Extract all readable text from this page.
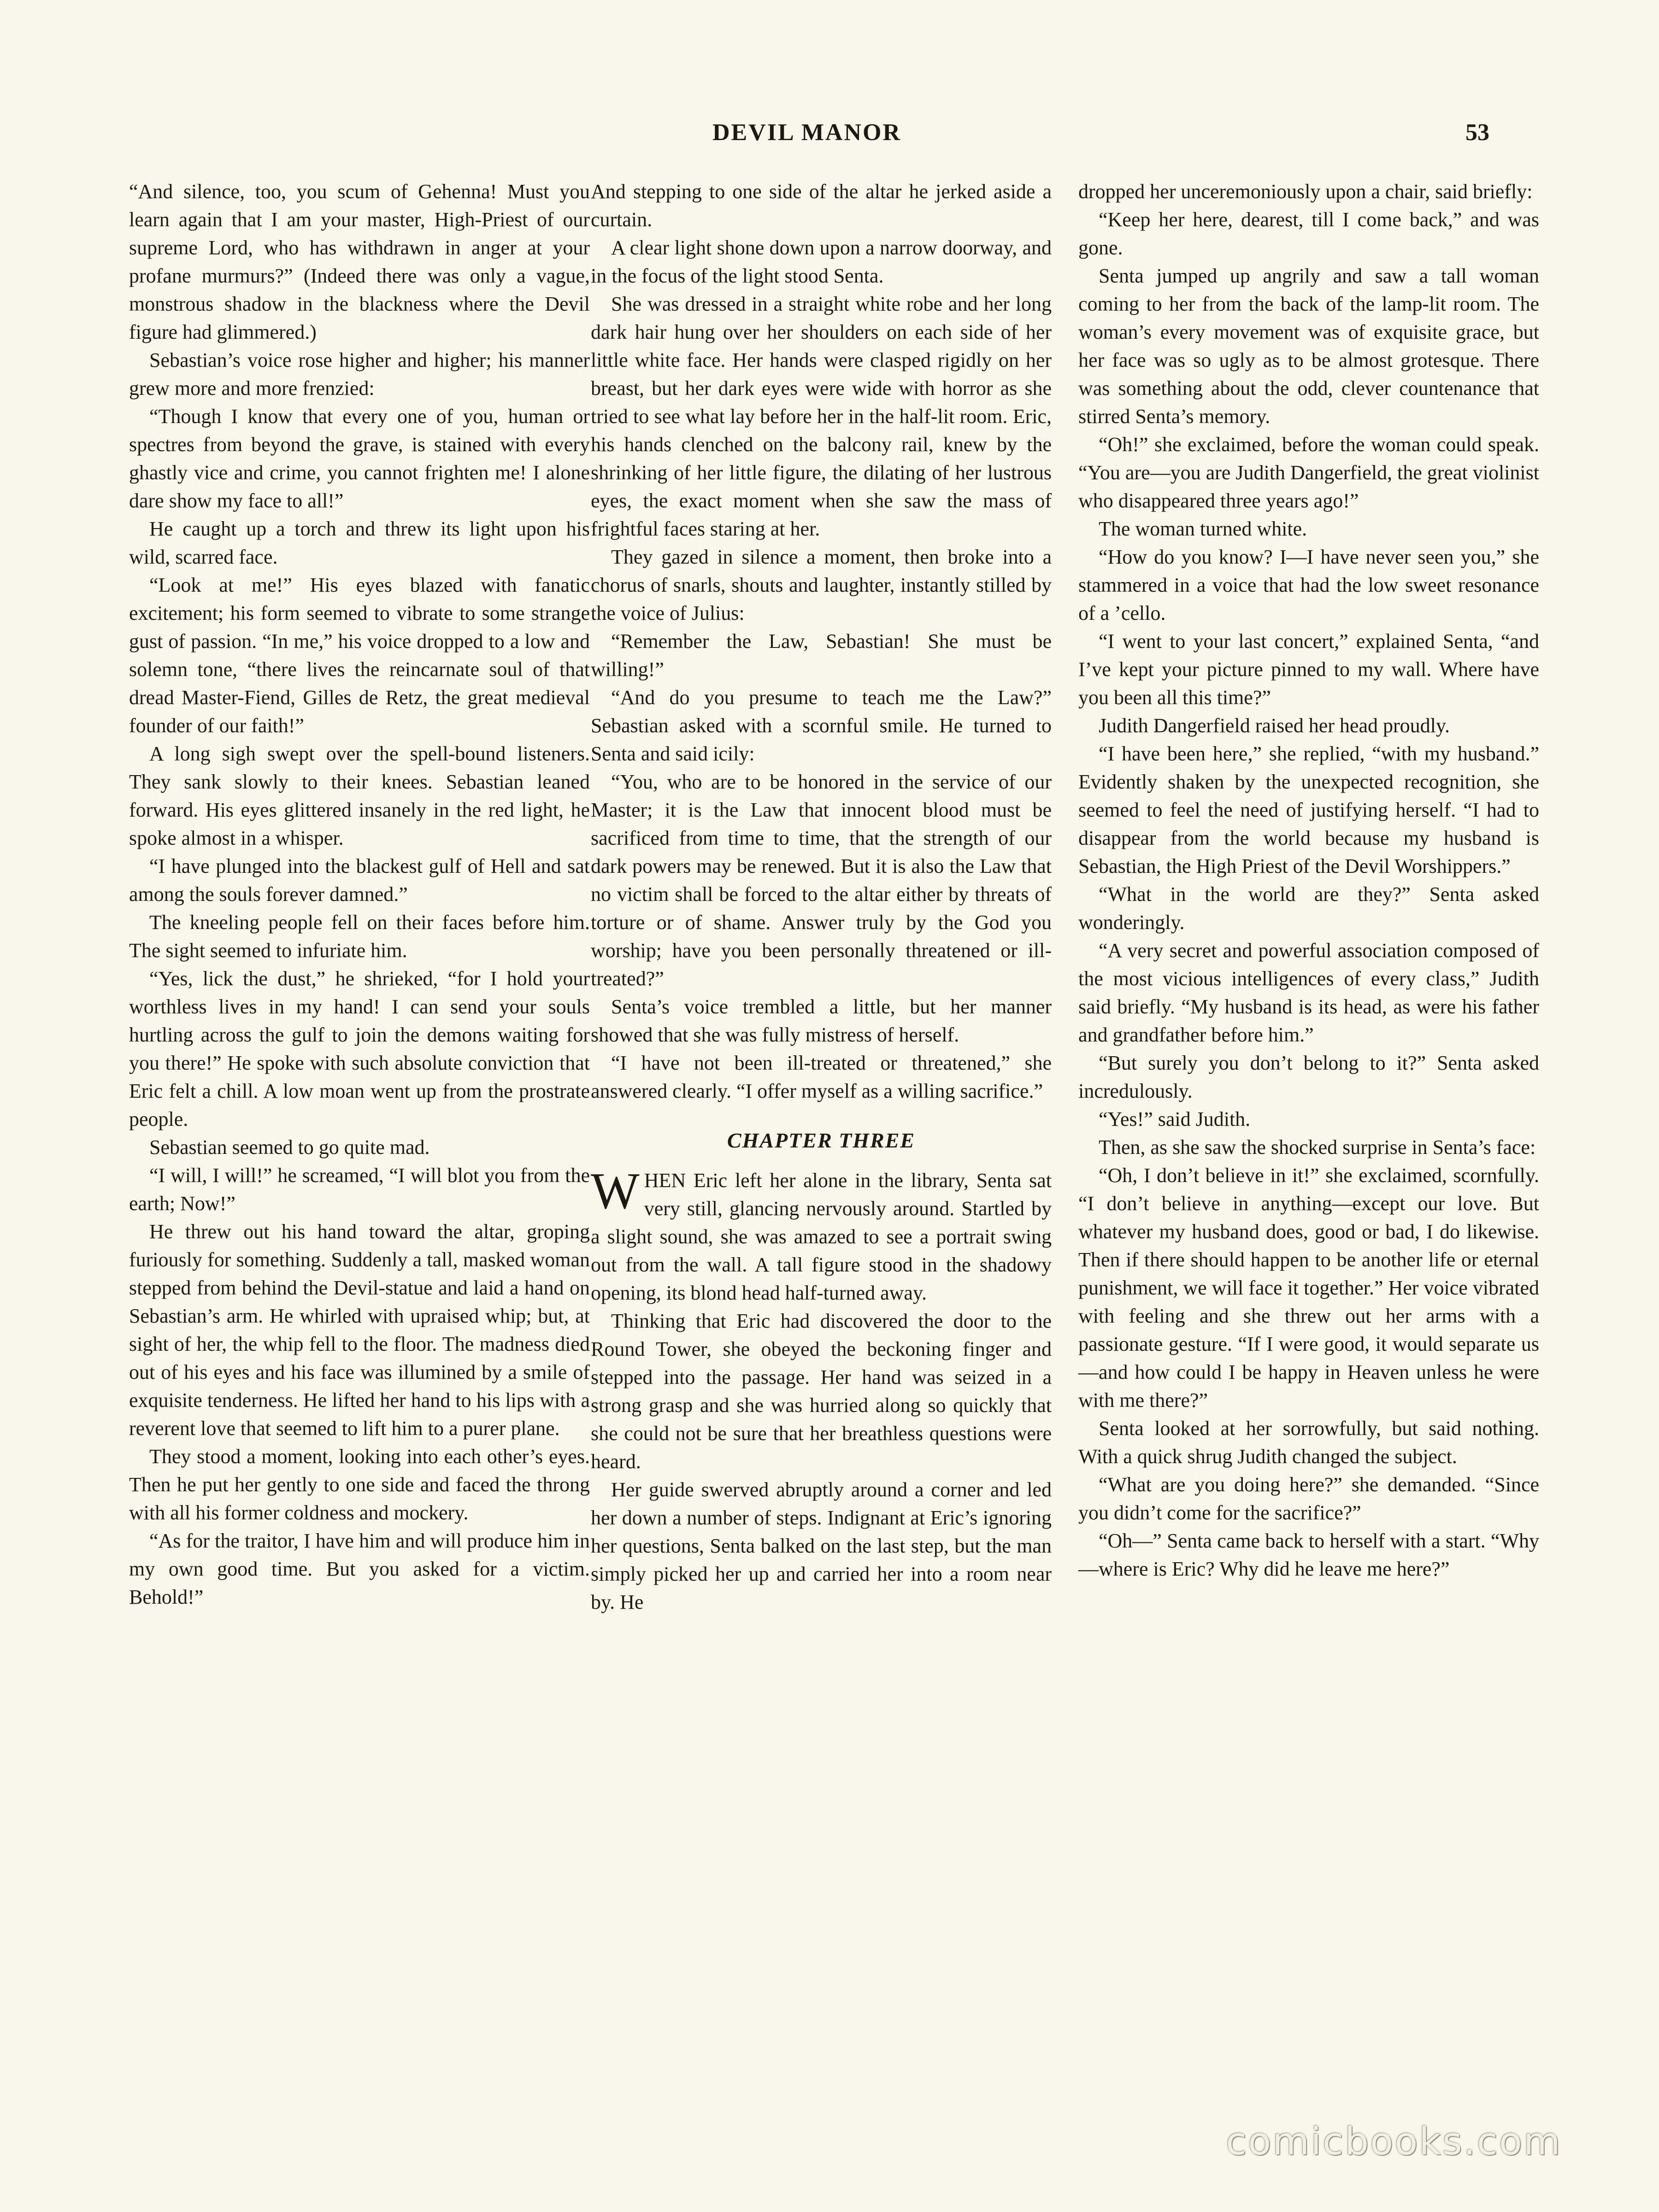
DEVIL MANOR	53

“And silence, too, you scum of Gehenna! Must you learn again that I am your master, High-Priest of our supreme Lord, who has withdrawn in anger at your profane murmurs?” (Indeed there was only a vague, monstrous shadow in the blackness where the Devil figure had glimmered.)

Sebastian’s voice rose higher and higher; his manner grew more and more frenzied:

“Though I know that every one of you, human or spectres from beyond the grave, is stained with every ghastly vice and crime, you cannot frighten me! I alone dare show my face to all!”

He caught up a torch and threw its light upon his wild, scarred face.

“Look at me!” His eyes blazed with fanatic excitement; his form seemed to vibrate to some strange gust of passion. “In me,” his voice dropped to a low and solemn tone, “there lives the reincarnate soul of that dread Master-Fiend, Gilles de Retz, the great medieval founder of our faith!”

A long sigh swept over the spell-bound listeners. They sank slowly to their knees. Sebastian leaned forward. His eyes glittered insanely in the red light, he spoke almost in a whisper.

“I have plunged into the blackest gulf of Hell and sat among the souls forever damned.”

The kneeling people fell on their faces before him. The sight seemed to infuriate him.

“Yes, lick the dust,” he shrieked, “for I hold your worthless lives in my hand! I can send your souls hurtling across the gulf to join the demons waiting for you there!” He spoke with such absolute conviction that Eric felt a chill. A low moan went up from the prostrate people.

Sebastian seemed to go quite mad.

“I will, I will!” he screamed, “I will blot you from the earth; Now!”

He threw out his hand toward the altar, groping furiously for something. Suddenly a tall, masked woman stepped from behind the Devil-statue and laid a hand on Sebastian’s arm. He whirled with upraised whip; but, at sight of her, the whip fell to the floor. The madness died out of his eyes and his face was illumined by a smile of exquisite tenderness. He lifted her hand to his lips with a reverent love that seemed to lift him to a purer plane.

They stood a moment, looking into each other’s eyes. Then he put her gently to one side and faced the throng with all his former coldness and mockery.

“As for the traitor, I have him and will produce him in my own good time. But you asked for a victim. Behold!”

And stepping to one side of the altar he jerked aside a curtain.

A clear light shone down upon a narrow doorway, and in the focus of the light stood Senta.

She was dressed in a straight white robe and her long dark hair hung over her shoulders on each side of her little white face. Her hands were clasped rigidly on her breast, but her dark eyes were wide with horror as she tried to see what lay before her in the half-lit room. Eric, his hands clenched on the balcony rail, knew by the shrinking of her little figure, the dilating of her lustrous eyes, the exact moment when she saw the mass of frightful faces staring at her.

They gazed in silence a moment, then broke into a chorus of snarls, shouts and laughter, instantly stilled by the voice of Julius:

“Remember the Law, Sebastian! She must be willing!”

“And do you presume to teach me the Law?” Sebastian asked with a scornful smile. He turned to Senta and said icily:

“You, who are to be honored in the service of our Master; it is the Law that innocent blood must be sacrificed from time to time, that the strength of our dark powers may be renewed. But it is also the Law that no victim shall be forced to the altar either by threats of torture or of shame. Answer truly by the God you worship; have you been personally threatened or ill-treated?”

Senta’s voice trembled a little, but her manner showed that she was fully mistress of herself.

“I have not been ill-treated or threatened,” she answered clearly. “I offer myself as a willing sacrifice.”

CHAPTER THREE

WHEN Eric left her alone in the library, Senta sat very still, glancing nervously around. Startled by a slight sound, she was amazed to see a portrait swing out from the wall. A tall figure stood in the shadowy opening, its blond head half-turned away.

Thinking that Eric had discovered the door to the Round Tower, she obeyed the beckoning finger and stepped into the passage. Her hand was seized in a strong grasp and she was hurried along so quickly that she could not be sure that her breathless questions were heard.

Her guide swerved abruptly around a corner and led her down a number of steps. Indignant at Eric’s ignoring her questions, Senta balked on the last step, but the man simply picked her up and carried her into a room near by. He

dropped her unceremoniously upon a chair, said briefly:

“Keep her here, dearest, till I come back,” and was gone.

Senta jumped up angrily and saw a tall woman coming to her from the back of the lamp-lit room. The woman’s every movement was of exquisite grace, but her face was so ugly as to be almost grotesque. There was something about the odd, clever countenance that stirred Senta’s memory.

“Oh!” she exclaimed, before the woman could speak. “You are—you are Judith Dangerfield, the great violinist who disappeared three years ago!”

The woman turned white.

“How do you know? I—I have never seen you,” she stammered in a voice that had the low sweet resonance of a ’cello.

“I went to your last concert,” explained Senta, “and I’ve kept your picture pinned to my wall. Where have you been all this time?”

Judith Dangerfield raised her head proudly.

“I have been here,” she replied, “with my husband.” Evidently shaken by the unexpected recognition, she seemed to feel the need of justifying herself. “I had to disappear from the world because my husband is Sebastian, the High Priest of the Devil Worshippers.”

“What in the world are they?” Senta asked wonderingly.

“A very secret and powerful association composed of the most vicious intelligences of every class,” Judith said briefly. “My husband is its head, as were his father and grandfather before him.”

“But surely you don’t belong to it?” Senta asked incredulously.

“Yes!” said Judith.

Then, as she saw the shocked surprise in Senta’s face:

“Oh, I don’t believe in it!” she exclaimed, scornfully. “I don’t believe in anything—except our love. But whatever my husband does, good or bad, I do likewise. Then if there should happen to be another life or eternal punishment, we will face it together.” Her voice vibrated with feeling and she threw out her arms with a passionate gesture. “If I were good, it would separate us—and how could I be happy in Heaven unless he were with me there?”

Senta looked at her sorrowfully, but said nothing. With a quick shrug Judith changed the subject.

“What are you doing here?” she demanded. “Since you didn’t come for the sacrifice?”

“Oh—” Senta came back to herself with a start. “Why—where is Eric? Why did he leave me here?”

comicbooks.com
